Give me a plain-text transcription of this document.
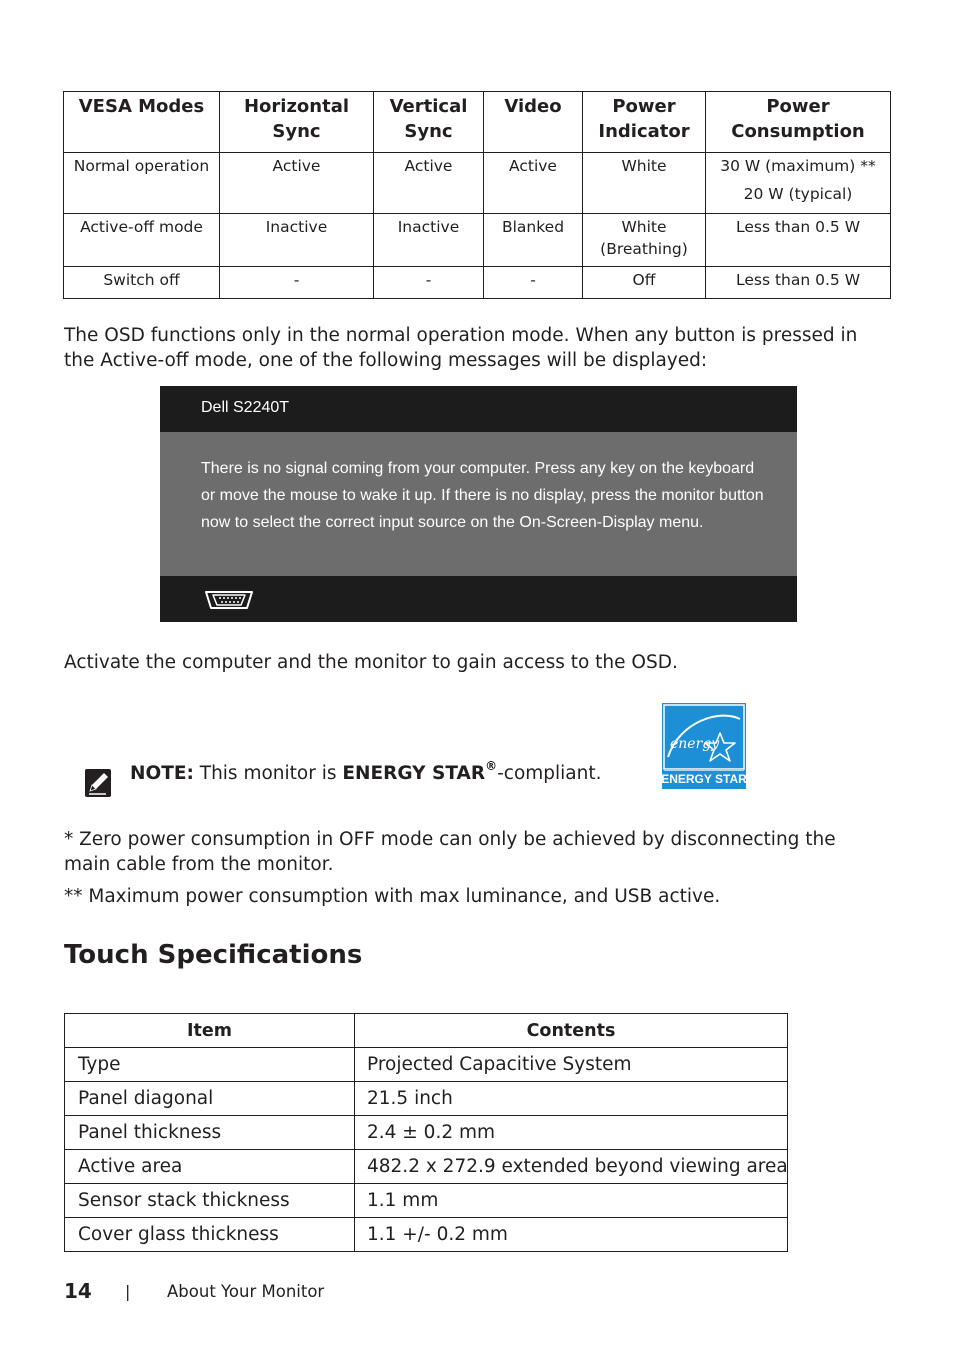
VESA Modes	Horizontal Sync	Vertical Sync	Video	Power Indicator	Power Consumption
Normal operation	Active	Active	Active	White	30 W (maximum) **
20 W (typical)

Active-off mode	Inactive	Inactive	Blanked	White (Breathing)	Less than 0.5 W
Switch off	-	-	-	Off	Less than 0.5 W

The OSD functions only in the normal operation mode. When any button is pressed in the Active-off mode, one of the following messages will be displayed:

Dell S2240T
There is no signal coming from your computer. Press any key on the keyboard or move the mouse to wake it up. If there is no display, press the monitor button now to select the correct input source on the On-Screen-Display menu.

Activate the computer and the monitor to gain access to the OSD.

energy
ENERGY STAR
NOTE: This monitor is ENERGY STAR®-compliant.

* Zero power consumption in OFF mode can only be achieved by disconnecting the main cable from the monitor.

** Maximum power consumption with max luminance, and USB active.

Touch Specifications
Item	Contents
Type	Projected Capacitive System
Panel diagonal	21.5 inch
Panel thickness	2.4 ± 0.2 mm
Active area	482.2 x 272.9 extended beyond viewing area
Sensor stack thickness	1.1 mm
Cover glass thickness	1.1 +/- 0.2 mm
14 | About Your Monitor
